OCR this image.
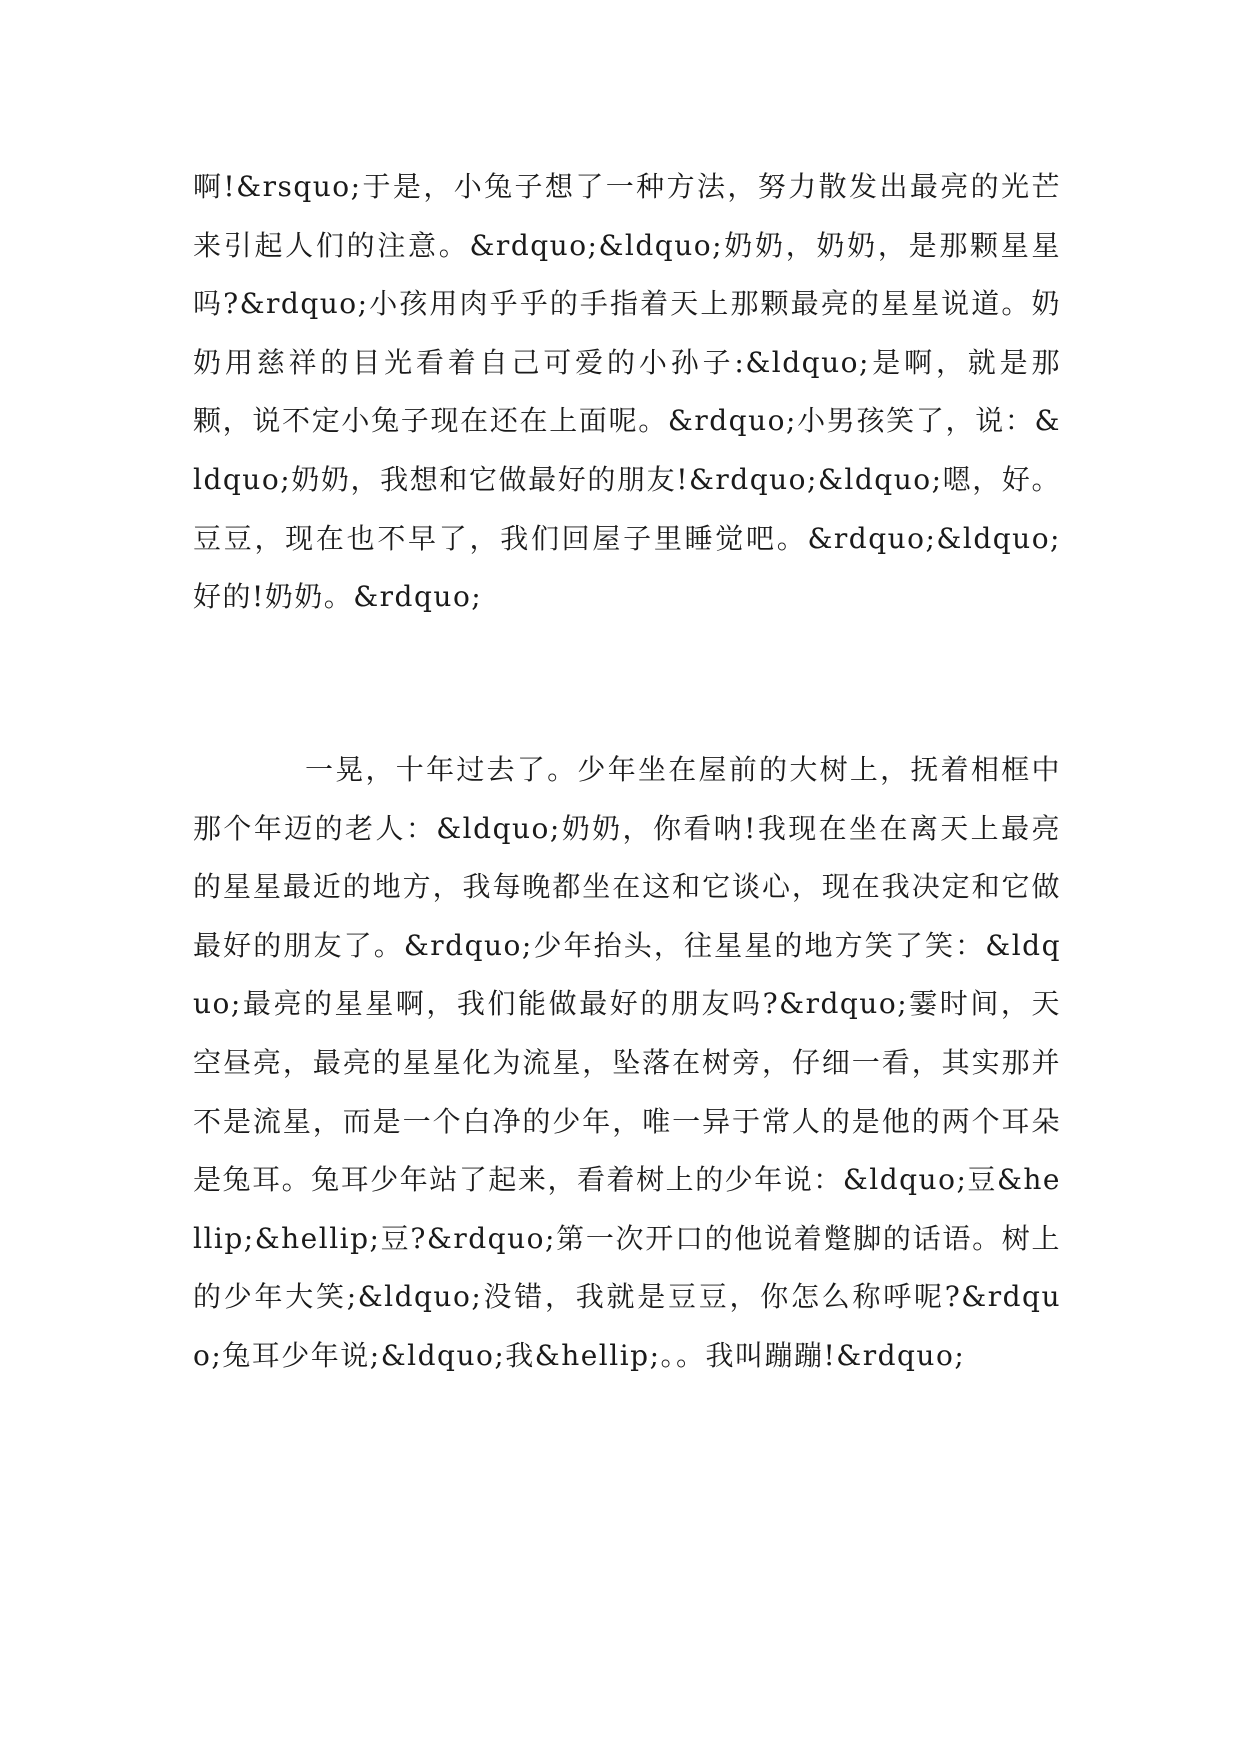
啊!&rsquo;于是，小兔子想了一种方法，努力散发出最亮的光芒来引起人们的注意。&rdquo;&ldquo;奶奶，奶奶，是那颗星星吗?&rdquo;小孩用肉乎乎的手指着天上那颗最亮的星星说道。奶奶用慈祥的目光看着自己可爱的小孙子:&ldquo;是啊，就是那颗，说不定小兔子现在还在上面呢。&rdquo;小男孩笑了，说：&ldquo;奶奶，我想和它做最好的朋友!&rdquo;&ldquo;嗯，好。豆豆，现在也不早了，我们回屋子里睡觉吧。&rdquo;&ldquo;好的!奶奶。&rdquo;

一晃，十年过去了。少年坐在屋前的大树上，抚着相框中那个年迈的老人：&ldquo;奶奶，你看呐!我现在坐在离天上最亮的星星最近的地方，我每晚都坐在这和它谈心，现在我决定和它做最好的朋友了。&rdquo;少年抬头，往星星的地方笑了笑：&ldquo;最亮的星星啊，我们能做最好的朋友吗?&rdquo;霎时间，天空昼亮，最亮的星星化为流星，坠落在树旁，仔细一看，其实那并不是流星，而是一个白净的少年，唯一异于常人的是他的两个耳朵是兔耳。兔耳少年站了起来，看着树上的少年说：&ldquo;豆&hellip;&hellip;豆?&rdquo;第一次开口的他说着蹩脚的话语。树上的少年大笑;&ldquo;没错，我就是豆豆，你怎么称呼呢?&rdquo;兔耳少年说;&ldquo;我&hellip;。。我叫蹦蹦!&rdquo;
